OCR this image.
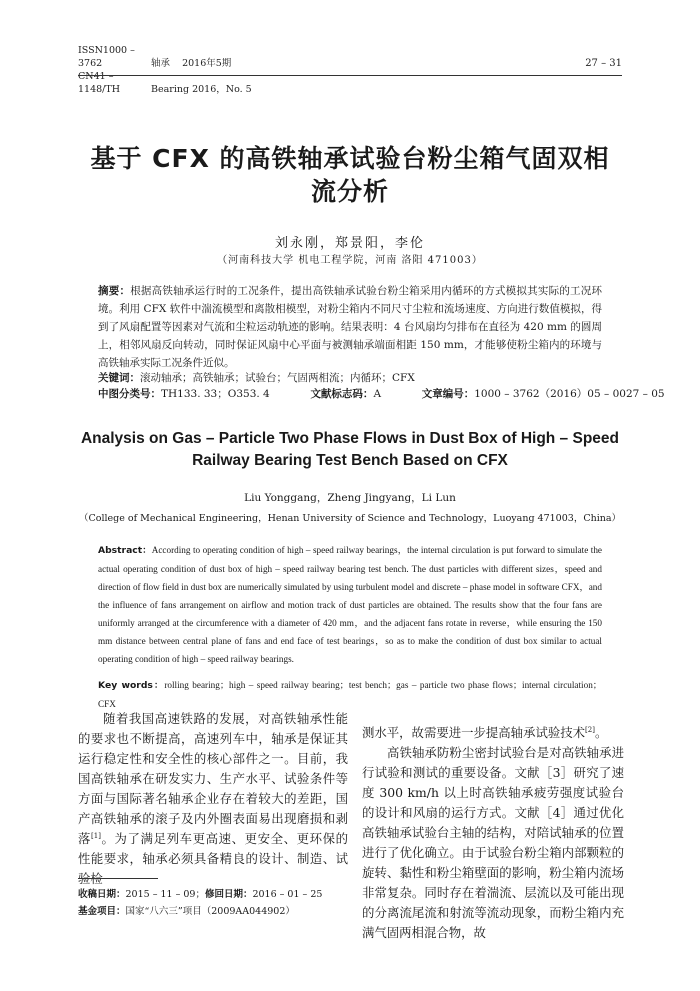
ISSN1000 – 3762	轴承 2016年5期
CN41 – 1148/TH	Bearing 2016，No. 5
27 – 31
基于 CFX 的高铁轴承试验台粉尘箱气固双相流分析
刘永刚，郑景阳，李伦
（河南科技大学 机电工程学院，河南 洛阳 471003）
摘要：根据高铁轴承运行时的工况条件，提出高铁轴承试验台粉尘箱采用内循环的方式模拟其实际的工况环境。利用 CFX 软件中湍流模型和离散相模型，对粉尘箱内不同尺寸尘粒和流场速度、方向进行数值模拟，得到了风扇配置等因素对气流和尘粒运动轨迹的影响。结果表明：4 台风扇均匀排布在直径为 420 mm 的圆周上，相邻风扇反向转动，同时保证风扇中心平面与被测轴承端面相距 150 mm，才能够使粉尘箱内的环境与高铁轴承实际工况条件近似。
关键词：滚动轴承；高铁轴承；试验台；气固两相流；内循环；CFX
中图分类号：TH133. 33；O353. 4	文献标志码：A	文章编号：1000 – 3762（2016）05 – 0027 – 05
Analysis on Gas – Particle Two Phase Flows in Dust Box of High – Speed Railway Bearing Test Bench Based on CFX
Liu Yonggang，Zheng Jingyang，Li Lun
（College of Mechanical Engineering，Henan University of Science and Technology，Luoyang 471003，China）
Abstract：According to operating condition of high – speed railway bearings，the internal circulation is put forward to simulate the actual operating condition of dust box of high – speed railway bearing test bench. The dust particles with different sizes，speed and direction of flow field in dust box are numerically simulated by using turbulent model and discrete – phase model in software CFX，and the influence of fans arrangement on airflow and motion track of dust particles are obtained. The results show that the four fans are uniformly arranged at the circumference with a diameter of 420 mm，and the adjacent fans rotate in reverse，while ensuring the 150 mm distance between central plane of fans and end face of test bearings，so as to make the condition of dust box similar to actual operating condition of high – speed railway bearings.
Key words：rolling bearing；high – speed railway bearing；test bench；gas – particle two phase flows；internal circulation；CFX
随着我国高速铁路的发展，对高铁轴承性能的要求也不断提高，高速列车中，轴承是保证其运行稳定性和安全性的核心部件之一。目前，我国高铁轴承在研发实力、生产水平、试验条件等方面与国际著名轴承企业存在着较大的差距，国产高铁轴承的滚子及内外圈表面易出现磨损和剥落[1]。为了满足列车更高速、更安全、更环保的性能要求，轴承必须具备精良的设计、制造、试验检

测水平，故需要进一步提高轴承试验技术[2]。

高铁轴承防粉尘密封试验台是对高铁轴承进行试验和测试的重要设备。文献［3］研究了速度 300 km/h 以上时高铁轴承疲劳强度试验台的设计和风扇的运行方式。文献［4］通过优化高铁轴承试验台主轴的结构，对陪试轴承的位置进行了优化确立。由于试验台粉尘箱内部颗粒的旋转、黏性和粉尘箱壁面的影响，粉尘箱内流场非常复杂。同时存在着湍流、层流以及可能出现的分离流尾流和射流等流动现象，而粉尘箱内充满气固两相混合物，故

收稿日期：2015 – 11 – 09；修回日期：2016 – 01 – 25
基金项目：国家“八六三”项目（2009AA044902）
